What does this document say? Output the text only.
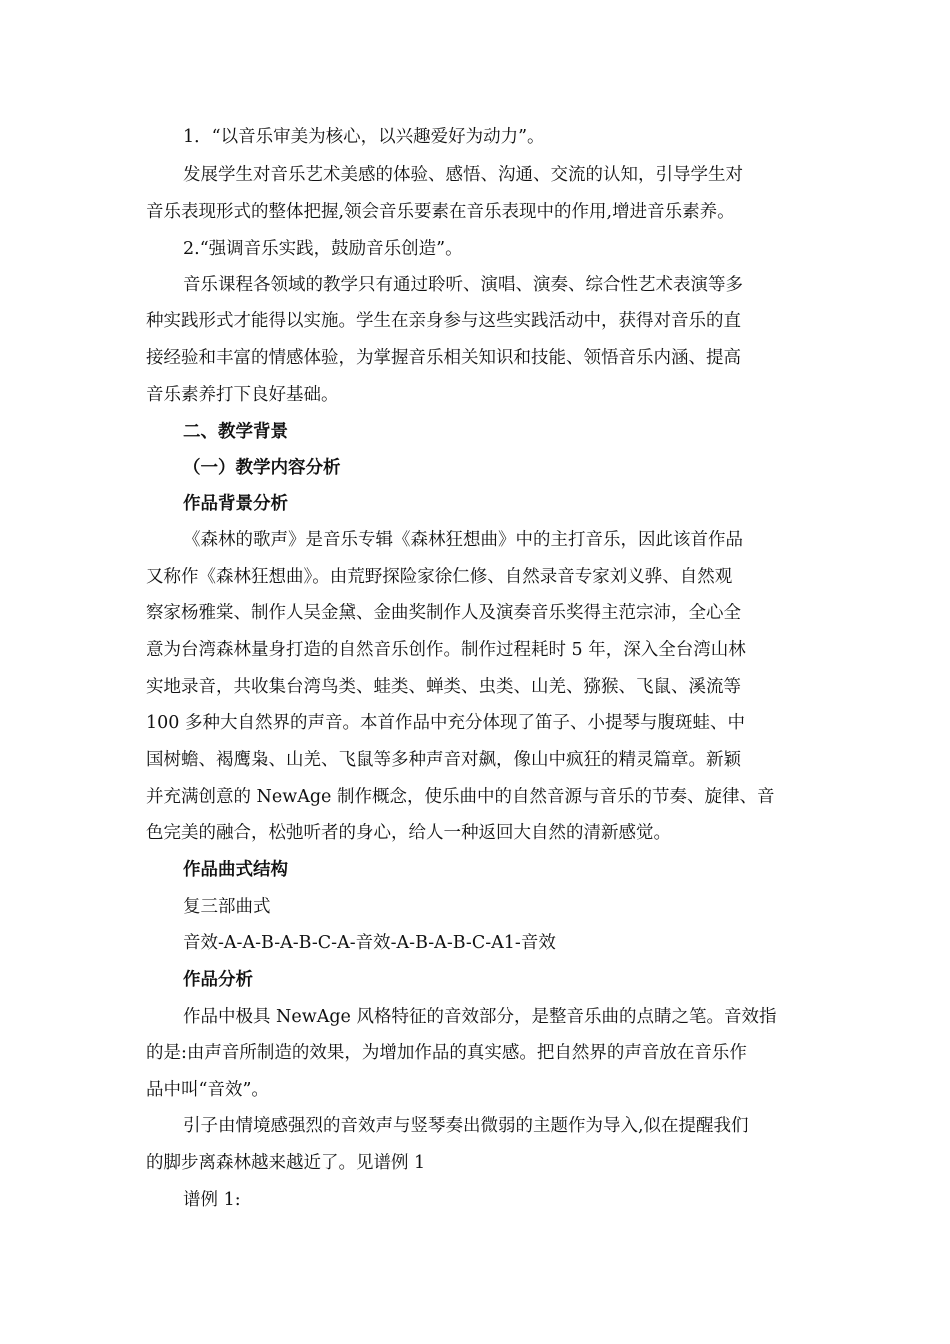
1．“以音乐审美为核心，以兴趣爱好为动力”。
发展学生对音乐艺术美感的体验、感悟、沟通、交流的认知，引导学生对
音乐表现形式的整体把握,领会音乐要素在音乐表现中的作用,增进音乐素养。
2.“强调音乐实践，鼓励音乐创造”。
音乐课程各领域的教学只有通过聆听、演唱、演奏、综合性艺术表演等多
种实践形式才能得以实施。学生在亲身参与这些实践活动中，获得对音乐的直
接经验和丰富的情感体验，为掌握音乐相关知识和技能、领悟音乐内涵、提高
音乐素养打下良好基础。
二、教学背景
（一）教学内容分析
作品背景分析
《森林的歌声》是音乐专辑《森林狂想曲》中的主打音乐，因此该首作品
又称作《森林狂想曲》。由荒野探险家徐仁修、自然录音专家刘义骅、自然观
察家杨雅棠、制作人吴金黛、金曲奖制作人及演奏音乐奖得主范宗沛，全心全
意为台湾森林量身打造的自然音乐创作。制作过程耗时 5 年，深入全台湾山林
实地录音，共收集台湾鸟类、蛙类、蝉类、虫类、山羌、猕猴、飞鼠、溪流等
100 多种大自然界的声音。本首作品中充分体现了笛子、小提琴与腹斑蛙、中
国树蟾、褐鹰枭、山羌、飞鼠等多种声音对飙，像山中疯狂的精灵篇章。新颖
并充满创意的 NewAge 制作概念，使乐曲中的自然音源与音乐的节奏、旋律、音
色完美的融合，松弛听者的身心，给人一种返回大自然的清新感觉。
作品曲式结构
复三部曲式
音效-A-A-B-A-B-C-A-音效-A-B-A-B-C-A1-音效
作品分析
作品中极具 NewAge 风格特征的音效部分，是整音乐曲的点睛之笔。音效指
的是:由声音所制造的效果，为增加作品的真实感。把自然界的声音放在音乐作
品中叫“音效”。
引子由情境感强烈的音效声与竖琴奏出微弱的主题作为导入,似在提醒我们
的脚步离森林越来越近了。见谱例 1
谱例 1:
